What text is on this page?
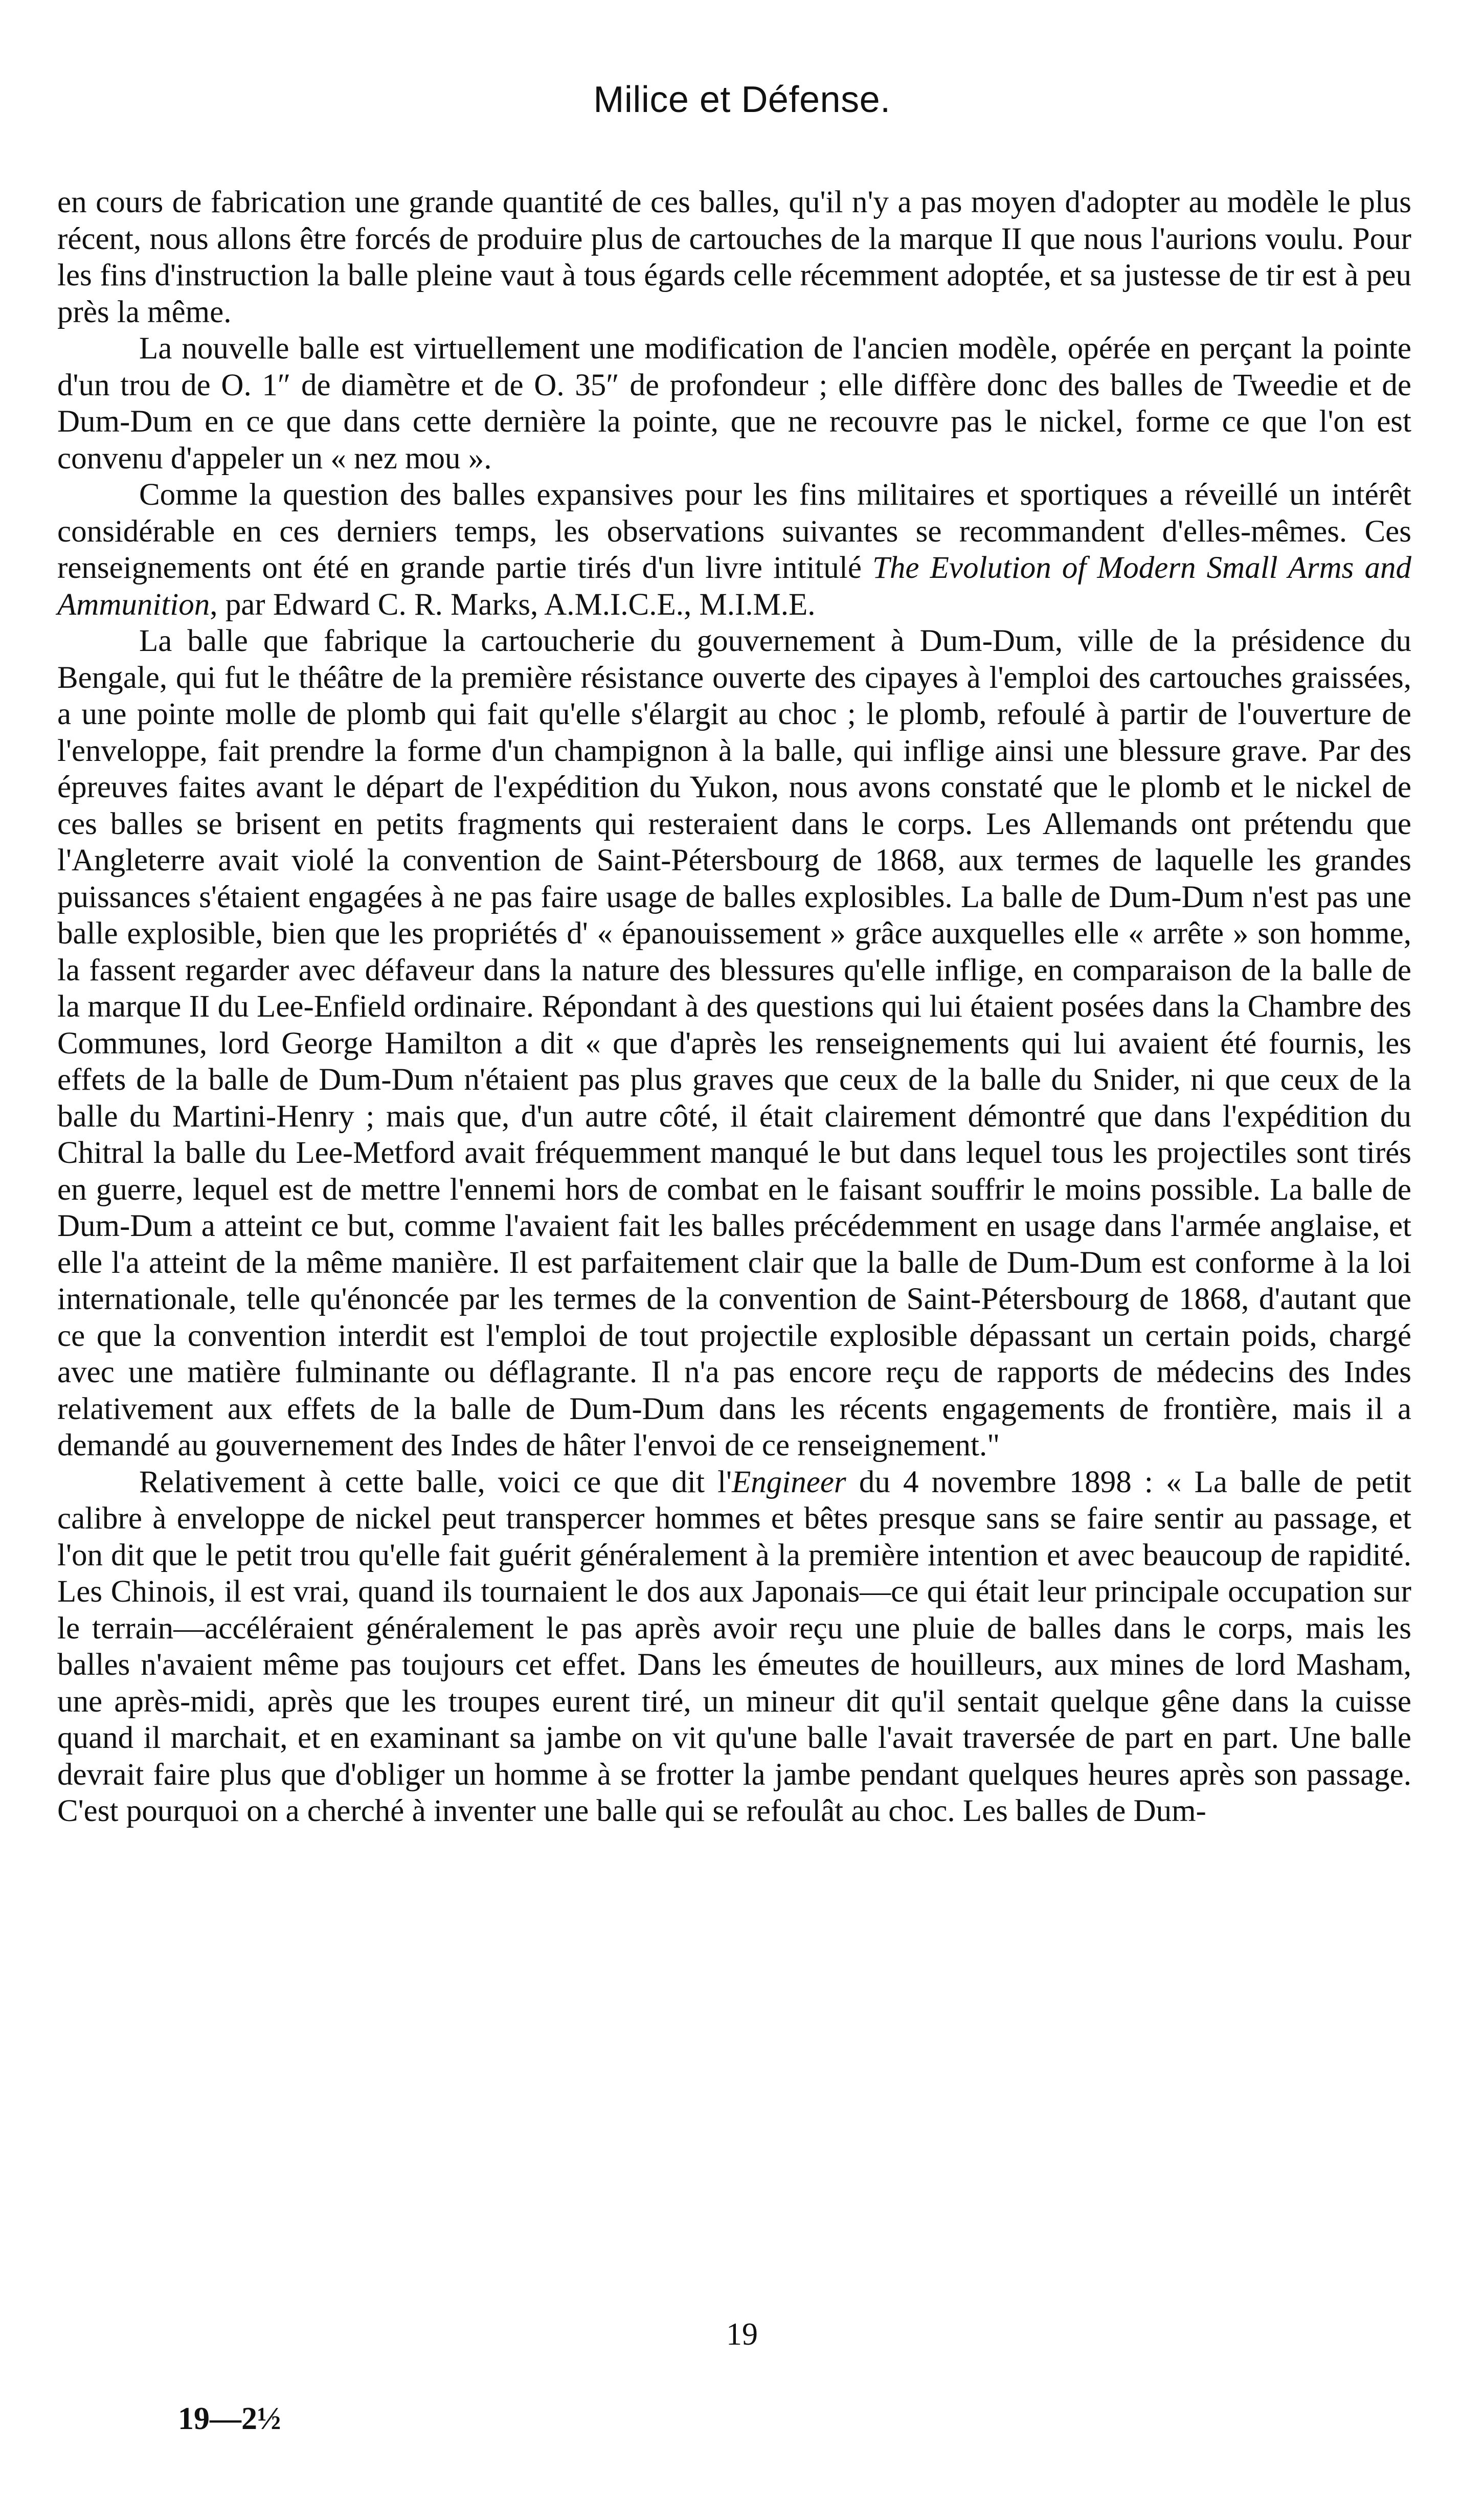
Milice et Défense.

en cours de fabrication une grande quantité de ces balles, qu'il n'y a pas moyen d'adopter au modèle le plus récent, nous allons être forcés de produire plus de cartouches de la marque II que nous l'aurions voulu. Pour les fins d'instruction la balle pleine vaut à tous égards celle récemment adoptée, et sa justesse de tir est à peu près la même.

La nouvelle balle est virtuellement une modification de l'ancien modèle, opérée en perçant la pointe d'un trou de O. 1″ de diamètre et de O. 35″ de profondeur ; elle diffère donc des balles de Tweedie et de Dum-Dum en ce que dans cette dernière la pointe, que ne recouvre pas le nickel, forme ce que l'on est convenu d'appeler un « nez mou ».

Comme la question des balles expansives pour les fins militaires et sportiques a réveillé un intérêt considérable en ces derniers temps, les observations suivantes se recommandent d'elles-mêmes. Ces renseignements ont été en grande partie tirés d'un livre intitulé The Evolution of Modern Small Arms and Ammunition, par Edward C. R. Marks, A.M.I.C.E., M.I.M.E.

La balle que fabrique la cartoucherie du gouvernement à Dum-Dum, ville de la présidence du Bengale, qui fut le théâtre de la première résistance ouverte des cipayes à l'emploi des cartouches graissées, a une pointe molle de plomb qui fait qu'elle s'élargit au choc ; le plomb, refoulé à partir de l'ouverture de l'enveloppe, fait prendre la forme d'un champignon à la balle, qui inflige ainsi une blessure grave. Par des épreuves faites avant le départ de l'expédition du Yukon, nous avons constaté que le plomb et le nickel de ces balles se brisent en petits fragments qui resteraient dans le corps. Les Allemands ont prétendu que l'Angleterre avait violé la convention de Saint-Pétersbourg de 1868, aux termes de laquelle les grandes puissances s'étaient engagées à ne pas faire usage de balles explosibles. La balle de Dum-Dum n'est pas une balle explosible, bien que les propriétés d' « épanouissement » grâce auxquelles elle « arrête » son homme, la fassent regarder avec défaveur dans la nature des blessures qu'elle inflige, en comparaison de la balle de la marque II du Lee-Enfield ordinaire. Répondant à des questions qui lui étaient posées dans la Chambre des Communes, lord George Hamilton a dit « que d'après les renseignements qui lui avaient été fournis, les effets de la balle de Dum-Dum n'étaient pas plus graves que ceux de la balle du Snider, ni que ceux de la balle du Martini-Henry ; mais que, d'un autre côté, il était clairement démontré que dans l'expédition du Chitral la balle du Lee-Metford avait fréquemment manqué le but dans lequel tous les projectiles sont tirés en guerre, lequel est de mettre l'ennemi hors de combat en le faisant souffrir le moins possible. La balle de Dum-Dum a atteint ce but, comme l'avaient fait les balles précédemment en usage dans l'armée anglaise, et elle l'a atteint de la même manière. Il est parfaitement clair que la balle de Dum-Dum est conforme à la loi internationale, telle qu'énoncée par les termes de la convention de Saint-Pétersbourg de 1868, d'autant que ce que la convention interdit est l'emploi de tout projectile explosible dépassant un certain poids, chargé avec une matière fulminante ou déflagrante. Il n'a pas encore reçu de rapports de médecins des Indes relativement aux effets de la balle de Dum-Dum dans les récents engagements de frontière, mais il a demandé au gouvernement des Indes de hâter l'envoi de ce renseignement."

Relativement à cette balle, voici ce que dit l'Engineer du 4 novembre 1898 : « La balle de petit calibre à enveloppe de nickel peut transpercer hommes et bêtes presque sans se faire sentir au passage, et l'on dit que le petit trou qu'elle fait guérit généralement à la première intention et avec beaucoup de rapidité. Les Chinois, il est vrai, quand ils tournaient le dos aux Japonais—ce qui était leur principale occupation sur le terrain—accéléraient généralement le pas après avoir reçu une pluie de balles dans le corps, mais les balles n'avaient même pas toujours cet effet. Dans les émeutes de houilleurs, aux mines de lord Masham, une après-midi, après que les troupes eurent tiré, un mineur dit qu'il sentait quelque gêne dans la cuisse quand il marchait, et en examinant sa jambe on vit qu'une balle l'avait traversée de part en part. Une balle devrait faire plus que d'obliger un homme à se frotter la jambe pendant quelques heures après son passage. C'est pourquoi on a cherché à inventer une balle qui se refoulât au choc. Les balles de Dum-

19
19—2½
